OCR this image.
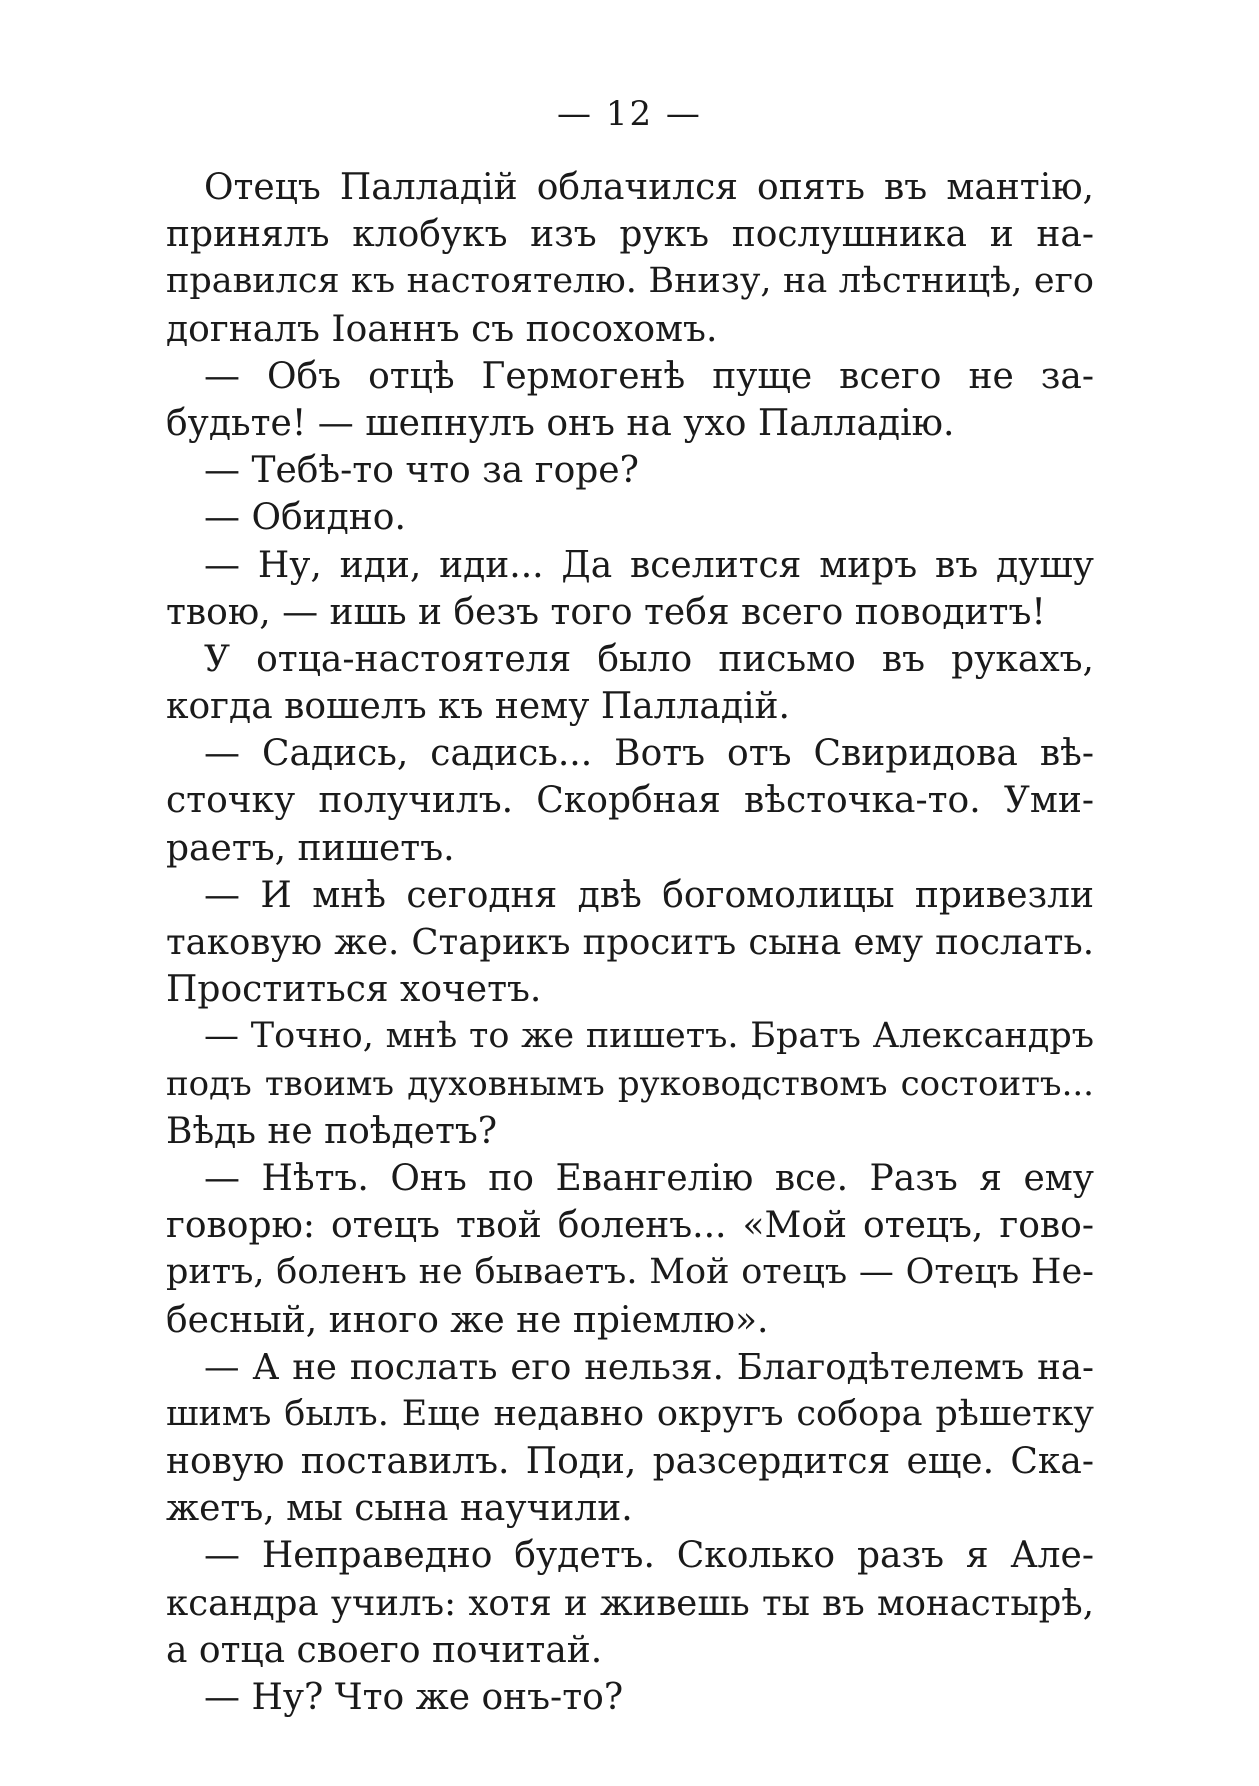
— 12 —
Отецъ Палладій облачился опять въ мантію,
принялъ клобукъ изъ рукъ послушника и на-
правился къ настоятелю. Внизу, на лѣстницѣ, его
догналъ Іоаннъ съ посохомъ.
— Объ отцѣ Гермогенѣ пуще всего не за-
будьте! — шепнулъ онъ на ухо Палладію.
— Тебѣ-то что за горе?
— Обидно.
— Ну, иди, иди... Да вселится миръ въ душу
твою, — ишь и безъ того тебя всего поводитъ!
У отца-настоятеля было письмо въ рукахъ,
когда вошелъ къ нему Палладій.
— Садись, садись... Вотъ отъ Свиридова вѣ-
сточку получилъ. Скорбная вѣсточка-то. Уми-
раетъ, пишетъ.
— И мнѣ сегодня двѣ богомолицы привезли
таковую же. Старикъ проситъ сына ему послать.
Проститься хочетъ.
— Точно, мнѣ то же пишетъ. Братъ Александръ
подъ твоимъ духовнымъ руководствомъ состоитъ...
Вѣдь не поѣдетъ?
— Нѣтъ. Онъ по Евангелію все. Разъ я ему
говорю: отецъ твой боленъ... «Мой отецъ, гово-
ритъ, боленъ не бываетъ. Мой отецъ — Отецъ Не-
бесный, иного же не пріемлю».
— А не послать его нельзя. Благодѣтелемъ на-
шимъ былъ. Еще недавно округъ собора рѣшетку
новую поставилъ. Поди, разсердится еще. Ска-
жетъ, мы сына научили.
— Неправедно будетъ. Сколько разъ я Але-
ксандра училъ: хотя и живешь ты въ монастырѣ,
а отца своего почитай.
— Ну? Что же онъ-то?
